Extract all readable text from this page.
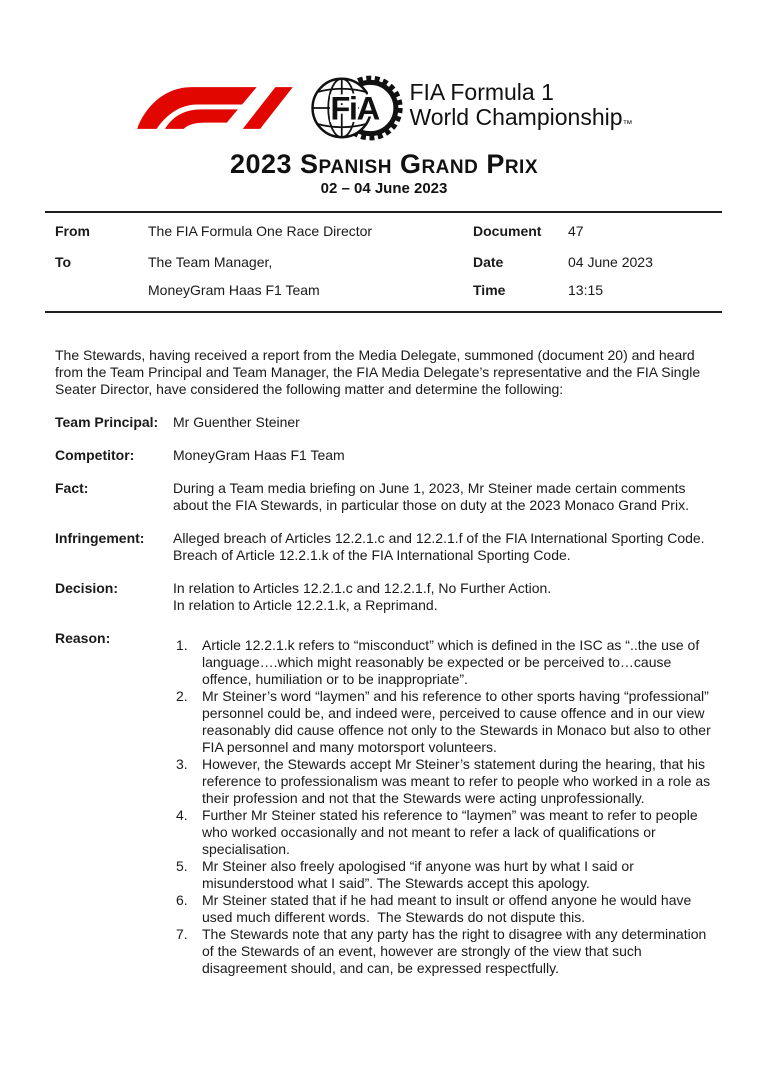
FiA FIA Formula 1
World Championship™
2023 Spanish Grand Prix
02 – 04 June 2023
From	The FIA Formula One Race Director	Document	47
To	The Team Manager,	Date	04 June 2023
MoneyGram Haas F1 Team	Time	13:15

The Stewards, having received a report from the Media Delegate, summoned (document 20) and heard from the Team Principal and Team Manager, the FIA Media Delegate’s representative and the FIA Single Seater Director, have considered the following matter and determine the following:

Team Principal:	Mr Guenther Steiner
Competitor:	MoneyGram Haas F1 Team
Fact:	During a Team media briefing on June 1, 2023, Mr Steiner made certain comments about the FIA Stewards, in particular those on duty at the 2023 Monaco Grand Prix.
Infringement:	Alleged breach of Articles 12.2.1.c and 12.2.1.f of the FIA International Sporting Code. Breach of Article 12.2.1.k of the FIA International Sporting Code.
Decision:	In relation to Articles 12.2.1.c and 12.2.1.f, No Further Action.
In relation to Article 12.2.1.k, a Reprimand.
Reason:	Article 12.2.1.k refers to “misconduct” which is defined in the ISC as “..the use of language….which might reasonably be expected or be perceived to…cause offence, humiliation or to be inappropriate”.
Mr Steiner’s word “laymen” and his reference to other sports having “professional” personnel could be, and indeed were, perceived to cause offence and in our view reasonably did cause offence not only to the Stewards in Monaco but also to other FIA personnel and many motorsport volunteers.
However, the Stewards accept Mr Steiner’s statement during the hearing, that his reference to professionalism was meant to refer to people who worked in a role as their profession and not that the Stewards were acting unprofessionally.
Further Mr Steiner stated his reference to “laymen” was meant to refer to people who worked occasionally and not meant to refer a lack of qualifications or specialisation.
Mr Steiner also freely apologised “if anyone was hurt by what I said or misunderstood what I said”. The Stewards accept this apology.
Mr Steiner stated that if he had meant to insult or offend anyone he would have used much different words.  The Stewards do not dispute this.
The Stewards note that any party has the right to disagree with any determination of the Stewards of an event, however are strongly of the view that such disagreement should, and can, be expressed respectfully.
